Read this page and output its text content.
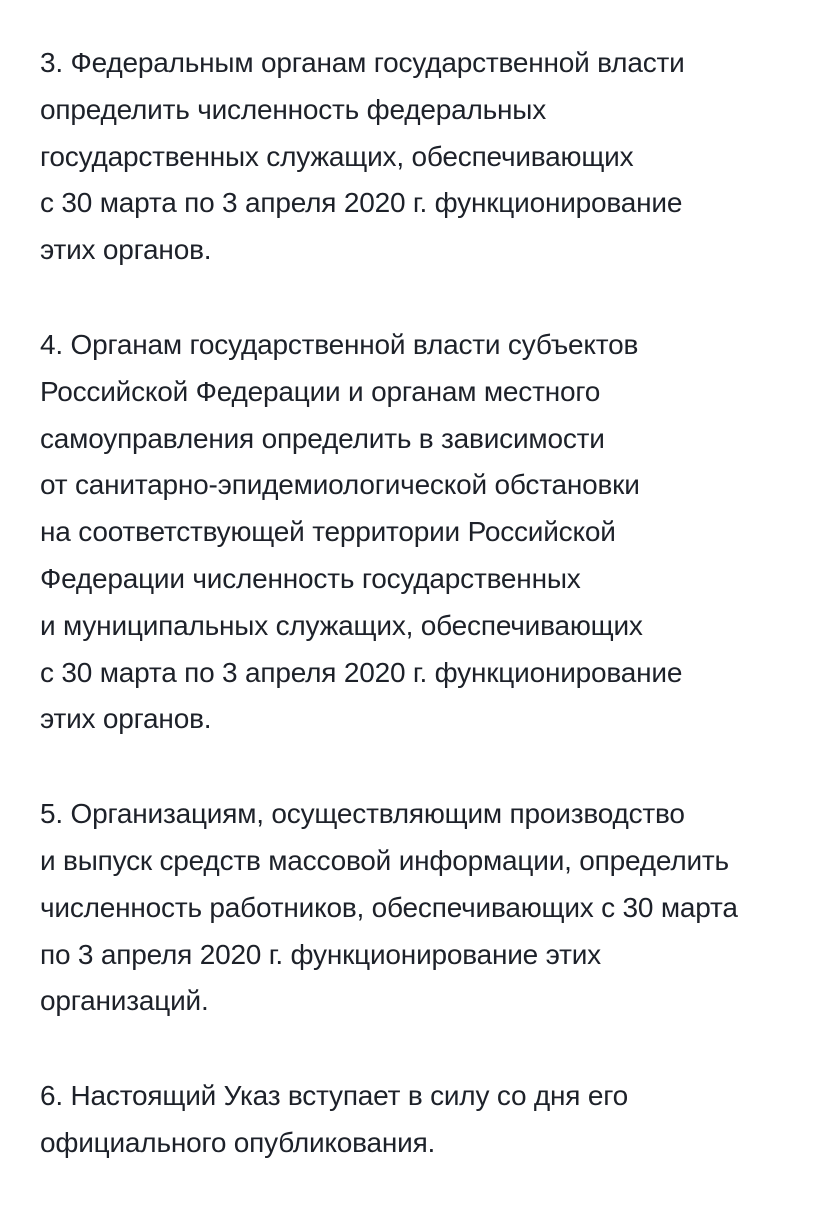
3. Федеральным органам государственной власти
определить численность федеральных
государственных служащих, обеспечивающих
с 30 марта по 3 апреля 2020 г. функционирование
этих органов.

4. Органам государственной власти субъектов
Российской Федерации и органам местного
самоуправления определить в зависимости
от санитарно-эпидемиологической обстановки
на соответствующей территории Российской
Федерации численность государственных
и муниципальных служащих, обеспечивающих
с 30 марта по 3 апреля 2020 г. функционирование
этих органов.

5. Организациям, осуществляющим производство
и выпуск средств массовой информации, определить
численность работников, обеспечивающих с 30 марта
по 3 апреля 2020 г. функционирование этих
организаций.

6. Настоящий Указ вступает в силу со дня его
официального опубликования.
